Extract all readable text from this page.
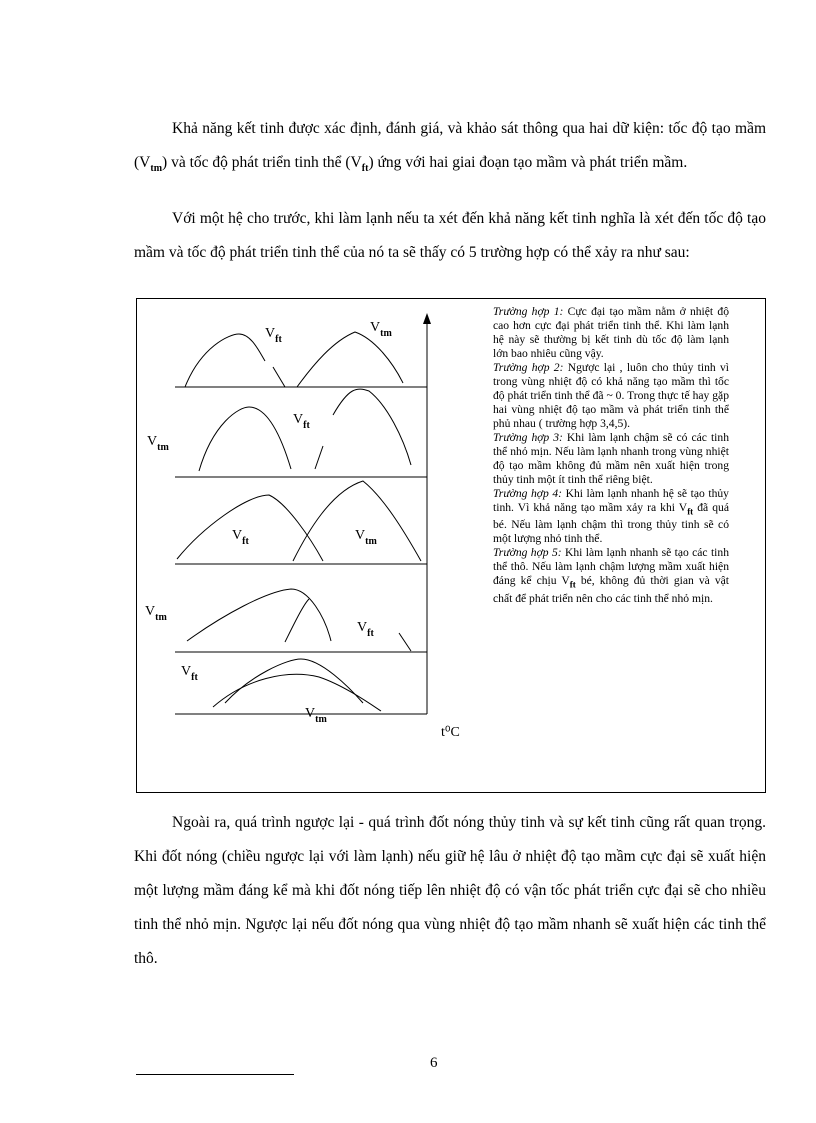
Khả năng kết tinh được xác định, đánh giá, và khảo sát thông qua hai dữ kiện: tốc độ tạo mầm $(V_{tm})$ và tốc độ phát triển tinh thể $(V_{ft})$ ứng với hai giai đoạn tạo mầm và phát triển mầm.
Với một hệ cho trước, khi làm lạnh nếu ta xét đến khả năng kết tinh nghĩa là xét đến tốc độ tạo mầm và tốc độ phát triển tinh thể của nó ta sẽ thấy có 5 trường hợp có thể xảy ra như sau:
$V_{ft}$
$V_{tm}$
$V_{ft}$
$V_{tm}$
$V_{ft}$	$V_{tm}$
$V_{tm}$
$V_{ft}$
$V_{ft}$
$V_{tm}$
t⁰C

Trường hợp 1: Cực đại tạo mầm nằm ở nhiệt độ cao hơn cực đại phát triển tinh thể. Khi làm lạnh hệ này sẽ thường bị kết tinh dù tốc độ làm lạnh lớn bao nhiêu cũng vậy.

Trường hợp 2: Ngược lại , luôn cho thủy tinh vì trong vùng nhiệt độ có khả năng tạo mầm thì tốc độ phát triển tinh thể đã ~ 0. Trong thực tế hay gặp hai vùng nhiệt độ tạo mầm và phát triển tinh thể phủ nhau ( trường hợp 3,4,5).

Trường hợp 3: Khi làm lạnh chậm sẽ có các tinh thể nhỏ mịn. Nếu làm lạnh nhanh trong vùng nhiệt độ tạo mầm không đủ mầm nên xuất hiện trong thủy tinh một ít tinh thể riêng biệt.

Trường hợp 4: Khi làm lạnh nhanh hệ sẽ tạo thủy tinh. Vì khả năng tạo mầm xảy ra khi $V_{ft}$ đã quá bé. Nếu làm lạnh chậm thì trong thủy tinh sẽ có một lượng nhỏ tinh thể.

Trường hợp 5: Khi làm lạnh nhanh sẽ tạo các tinh thể thô. Nếu làm lạnh chậm lượng mầm xuất hiện đáng kể chịu $V_{ft}$ bé, không đủ thời gian và vật chất để phát triển nên cho các tinh thể nhỏ mịn.

Ngoài ra, quá trình ngược lại - quá trình đốt nóng thủy tinh và sự kết tinh cũng rất quan trọng. Khi đốt nóng (chiều ngược lại với làm lạnh) nếu giữ hệ lâu ở nhiệt độ tạo mầm cực đại sẽ xuất hiện một lượng mầm đáng kể mà khi đốt nóng tiếp lên nhiệt độ có vận tốc phát triển cực đại sẽ cho nhiều tinh thể nhỏ mịn. Ngược lại nếu đốt nóng qua vùng nhiệt độ tạo mầm nhanh sẽ xuất hiện các tinh thể thô.
6
